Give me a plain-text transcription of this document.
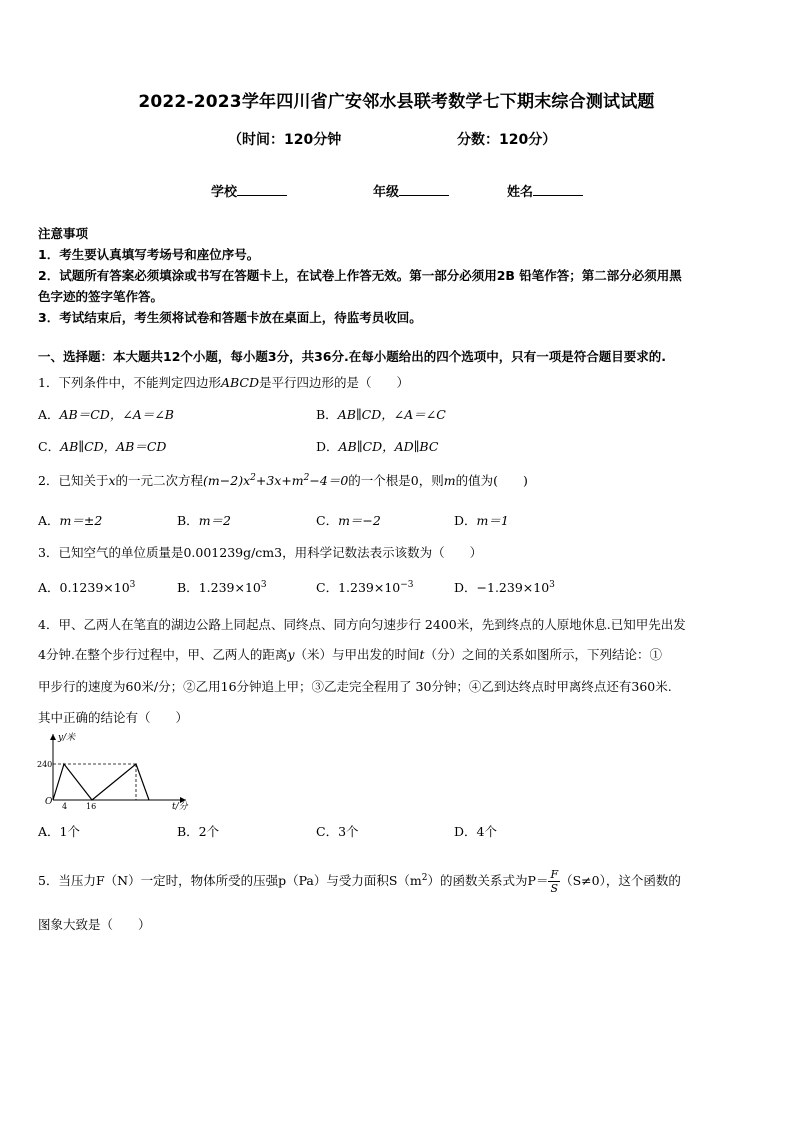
2022-2023学年四川省广安邻水县联考数学七下期末综合测试试题
（时间：120分钟	分数：120分）
学校	年级	姓名
注意事项
1．考生要认真填写考场号和座位序号。
2．试题所有答案必须填涂或书写在答题卡上，在试卷上作答无效。第一部分必须用2B 铅笔作答；第二部分必须用黑
色字迹的签字笔作答。
3．考试结束后，考生须将试卷和答题卡放在桌面上，待监考员收回。
一、选择题：本大题共12个小题，每小题3分，共36分.在每小题给出的四个选项中，只有一项是符合题目要求的.
1．下列条件中，不能判定四边形ABCD是平行四边形的是（　　）
A．AB＝CD，∠A＝∠B	B．AB∥CD，∠A＝∠C
C．AB∥CD，AB＝CD	D．AB∥CD，AD∥BC
2．已知关于x的一元二次方程$(m-2)x^2+3x+m^2-4=0$的一个根是0，则m的值为(　　)
A．m＝±2	B．m＝2	C．m＝−2	D．m＝1
3．已知空气的单位质量是0.001239g/cm3，用科学记数法表示该数为（　　）
A．$0.1239\times 10^3$	B．$1.239\times 10^3$	C．$1.239\times 10^{-3}$	D．$-1.239\times 10^3$
4．甲、乙两人在笔直的湖边公路上同起点、同终点、同方向匀速步行 2400米，先到终点的人原地休息.已知甲先出发
4分钟.在整个步行过程中，甲、乙两人的距离y（米）与甲出发的时间t（分）之间的关系如图所示，下列结论：①
甲步行的速度为60米/分；②乙用16分钟追上甲；③乙走完全程用了 30分钟；④乙到达终点时甲离终点还有360米.
其中正确的结论有（　　）
y/米
t/分
O
240
4 16
A．1个	B．2个	C．3个	D．4个
5．当压力F（N）一定时，物体所受的压强p（Pa）与受力面积$S(m^2)$的函数关系式为$P= \frac{F}{S} (S\ne 0)$，这个函数的
图象大致是（　　）
